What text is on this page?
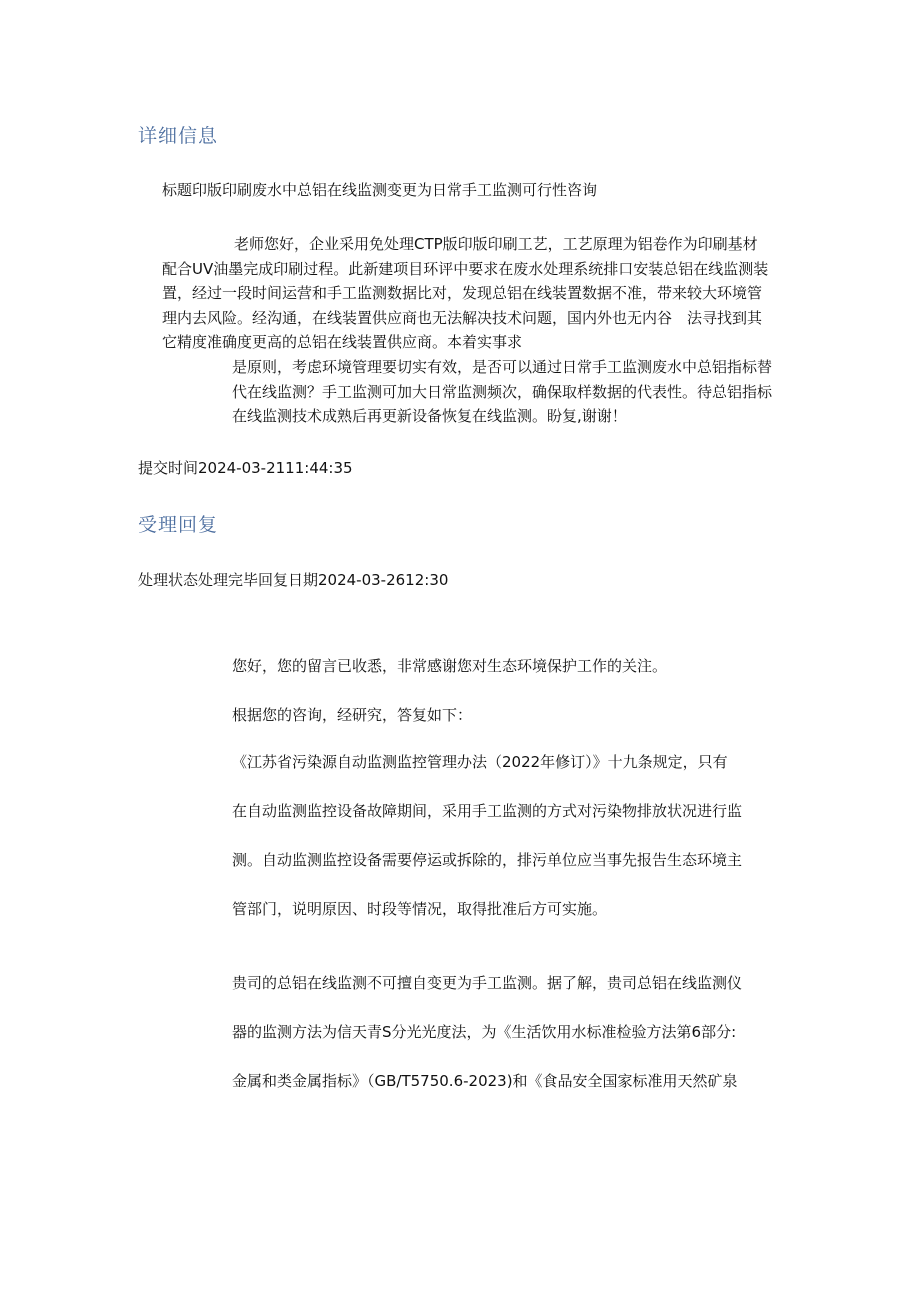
详细信息
标题印版印刷废水中总铝在线监测变更为日常手工监测可行性咨询

老师您好，企业采用免处理CTP版印版印刷工艺，工艺原理为铝卷作为印刷基材配合UV油墨完成印刷过程。此新建项目环评中要求在废水处理系统排口安装总铝在线监测装置，经过一段时间运营和手工监测数据比对，发现总铝在线装置数据不准，带来较大环境管理内去风险。经沟通，在线装置供应商也无法解决技术问题，国内外也无内谷　法寻找到其它精度准确度更高的总铝在线装置供应商。本着实事求

是原则，考虑环境管理要切实有效，是否可以通过日常手工监测废水中总铝指标替代在线监测？手工监测可加大日常监测频次，确保取样数据的代表性。待总铝指标在线监测技术成熟后再更新设备恢复在线监测。盼复,谢谢！

提交时间2024-03-2111:44:35
受理回复
处理状态处理完毕回复日期2024-03-2612:30
您好，您的留言已收悉，非常感谢您对生态环境保护工作的关注。
根据您的咨询，经研究，答复如下：
《江苏省污染源自动监测监控管理办法（2022年修订）》十九条规定，只有
在自动监测监控设备故障期间，采用手工监测的方式对污染物排放状况进行监
测。自动监测监控设备需要停运或拆除的，排污单位应当事先报告生态环境主
管部门，说明原因、时段等情况，取得批准后方可实施。
贵司的总铝在线监测不可擅自变更为手工监测。据了解，贵司总铝在线监测仪
器的监测方法为信天青S分光光度法，为《生活饮用水标准检验方法第6部分:
金属和类金属指标》（GB/T5750.6-2023)和《食品安全国家标准用天然矿泉
